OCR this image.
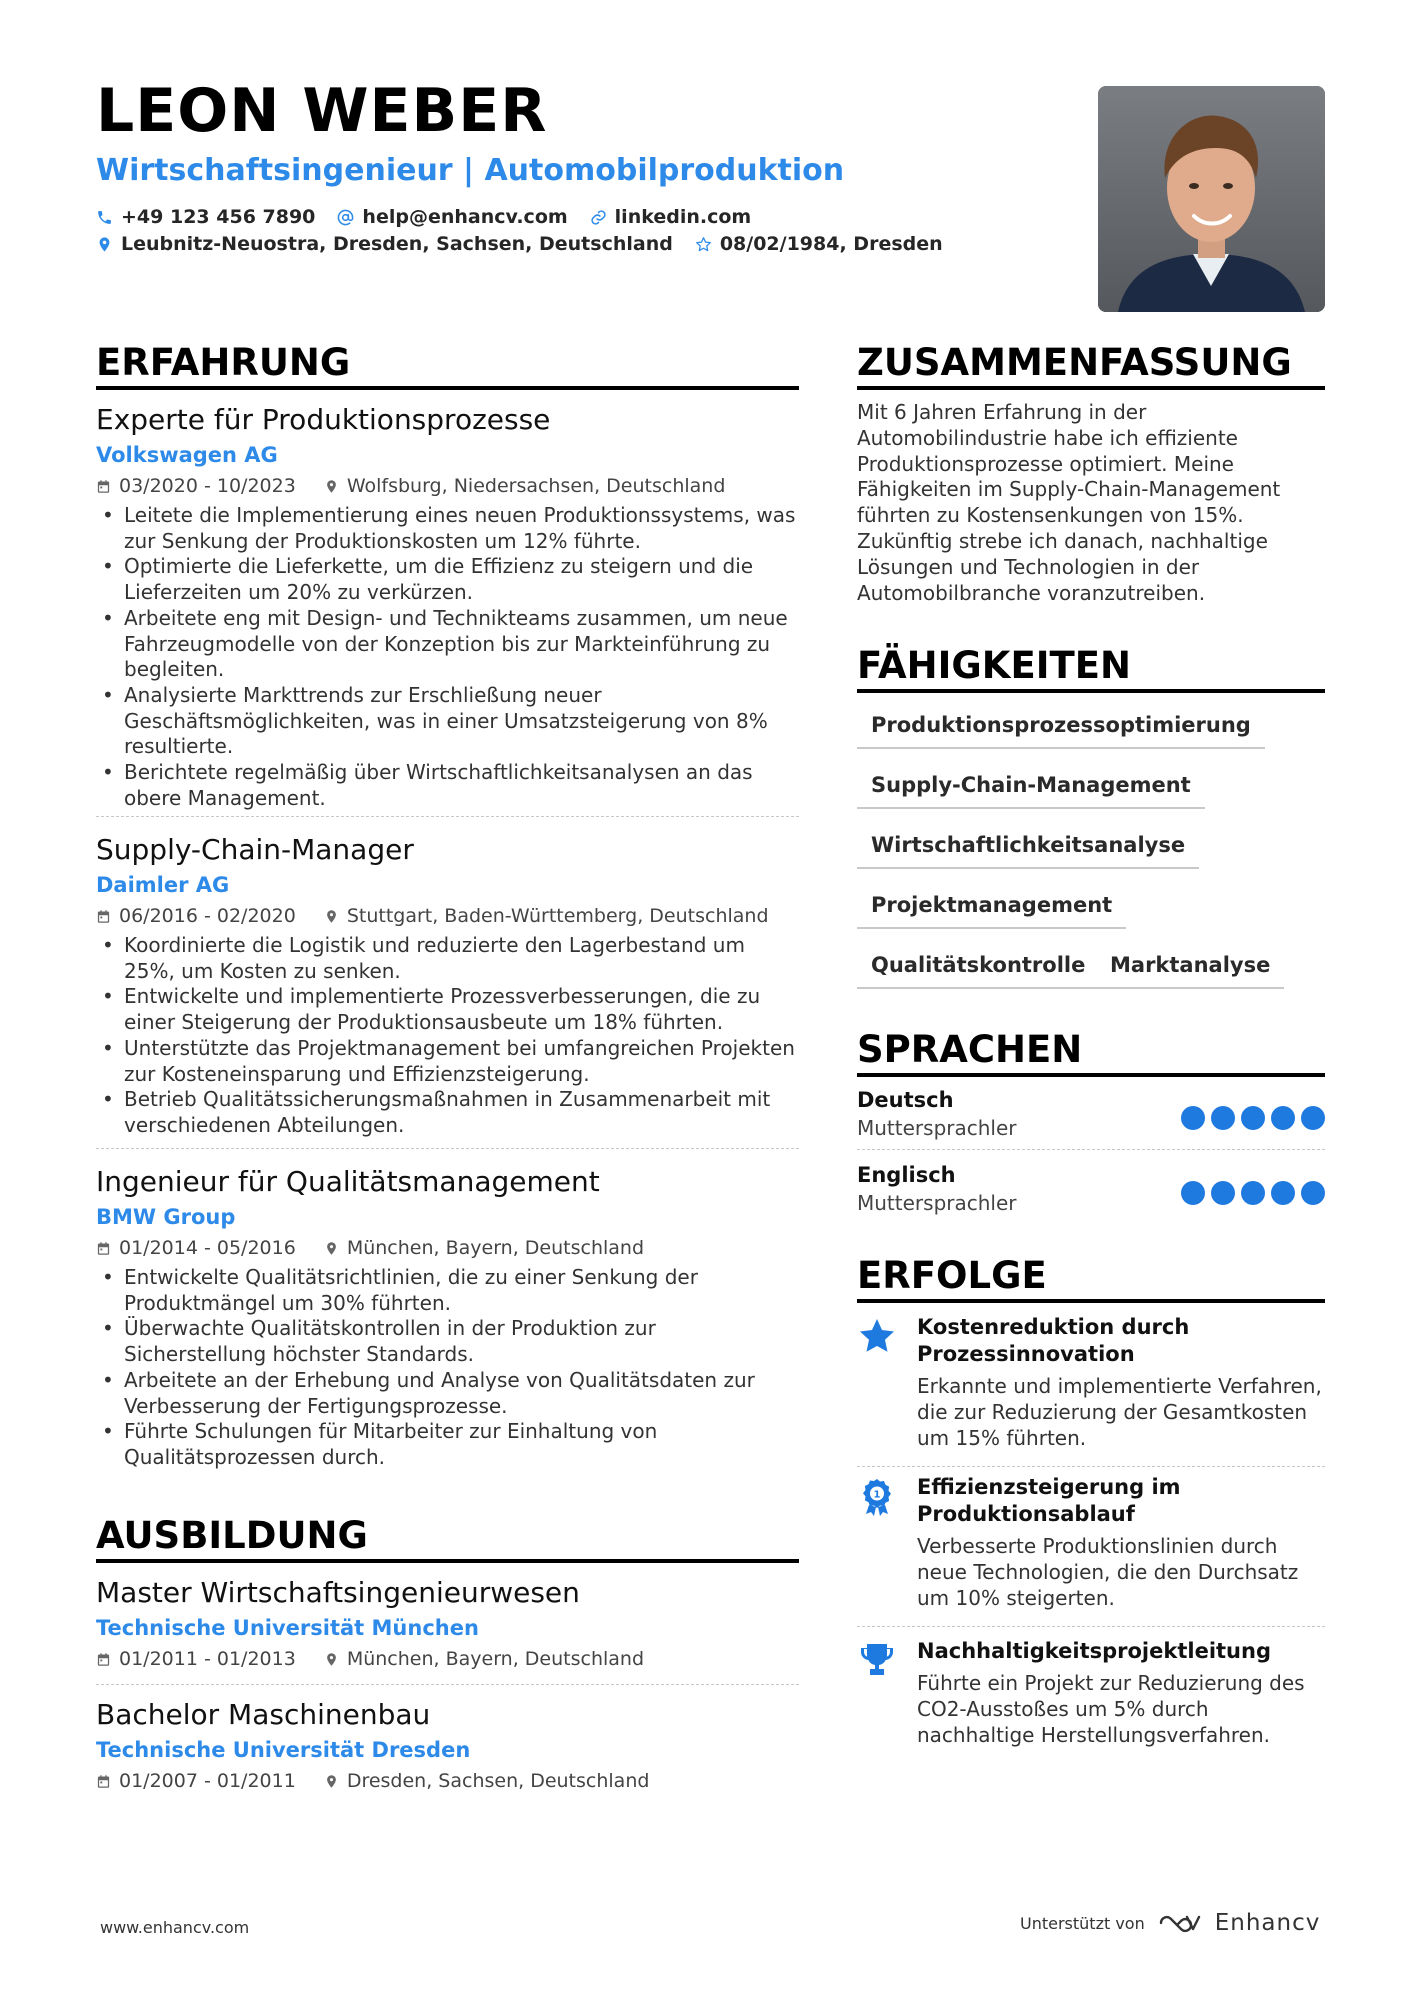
LEON WEBER
Wirtschaftsingenieur | Automobilproduktion
+49 123 456 7890 help@enhancv.com linkedin.com
Leubnitz-Neuostra, Dresden, Sachsen, Deutschland 08/02/1984, Dresden
ERFAHRUNG
Experte für Produktionsprozesse
Volkswagen AG
03/2020 - 10/2023	Wolfsburg, Niedersachsen, Deutschland
• Leitete die Implementierung eines neuen Produktionssystems, was zur Senkung der Produktionskosten um 12% führte.
• Optimierte die Lieferkette, um die Effizienz zu steigern und die Lieferzeiten um 20% zu verkürzen.
• Arbeitete eng mit Design- und Technikteams zusammen, um neue Fahrzeugmodelle von der Konzeption bis zur Markteinführung zu begleiten.
• Analysierte Markttrends zur Erschließung neuer Geschäftsmöglichkeiten, was in einer Umsatzsteigerung von 8% resultierte.
• Berichtete regelmäßig über Wirtschaftlichkeitsanalysen an das obere Management.
Supply-Chain-Manager
Daimler AG
06/2016 - 02/2020	Stuttgart, Baden-Württemberg, Deutschland
• Koordinierte die Logistik und reduzierte den Lagerbestand um 25%, um Kosten zu senken.
• Entwickelte und implementierte Prozessverbesserungen, die zu einer Steigerung der Produktionsausbeute um 18% führten.
• Unterstützte das Projektmanagement bei umfangreichen Projekten zur Kosteneinsparung und Effizienzsteigerung.
• Betrieb Qualitätssicherungsmaßnahmen in Zusammenarbeit mit verschiedenen Abteilungen.
Ingenieur für Qualitätsmanagement
BMW Group
01/2014 - 05/2016	München, Bayern, Deutschland
• Entwickelte Qualitätsrichtlinien, die zu einer Senkung der Produktmängel um 30% führten.
• Überwachte Qualitätskontrollen in der Produktion zur Sicherstellung höchster Standards.
• Arbeitete an der Erhebung und Analyse von Qualitätsdaten zur Verbesserung der Fertigungsprozesse.
• Führte Schulungen für Mitarbeiter zur Einhaltung von Qualitätsprozessen durch.
AUSBILDUNG
Master Wirtschaftsingenieurwesen
Technische Universität München
01/2011 - 01/2013	München, Bayern, Deutschland
Bachelor Maschinenbau
Technische Universität Dresden
01/2007 - 01/2011	Dresden, Sachsen, Deutschland
ZUSAMMENFASSUNG
Mit 6 Jahren Erfahrung in der Automobilindustrie habe ich effiziente Produktionsprozesse optimiert. Meine Fähigkeiten im Supply-Chain-Management führten zu Kostensenkungen von 15%. Zukünftig strebe ich danach, nachhaltige Lösungen und Technologien in der Automobilbranche voranzutreiben.
FÄHIGKEITEN
Produktionsprozessoptimierung
Supply-Chain-Management
Wirtschaftlichkeitsanalyse
Projektmanagement
Qualitätskontrolle	Marktanalyse
SPRACHEN
Deutsch
Muttersprachler
Englisch
Muttersprachler
ERFOLGE
Kostenreduktion durch Prozessinnovation
Erkannte und implementierte Verfahren, die zur Reduzierung der Gesamtkosten um 15% führten.
1 Effizienzsteigerung im Produktionsablauf
Verbesserte Produktionslinien durch neue Technologien, die den Durchsatz um 10% steigerten.
Nachhaltigkeitsprojektleitung
Führte ein Projekt zur Reduzierung des CO2-Ausstoßes um 5% durch nachhaltige Herstellungsverfahren.
www.enhancv.com	Unterstützt von	Enhancv
